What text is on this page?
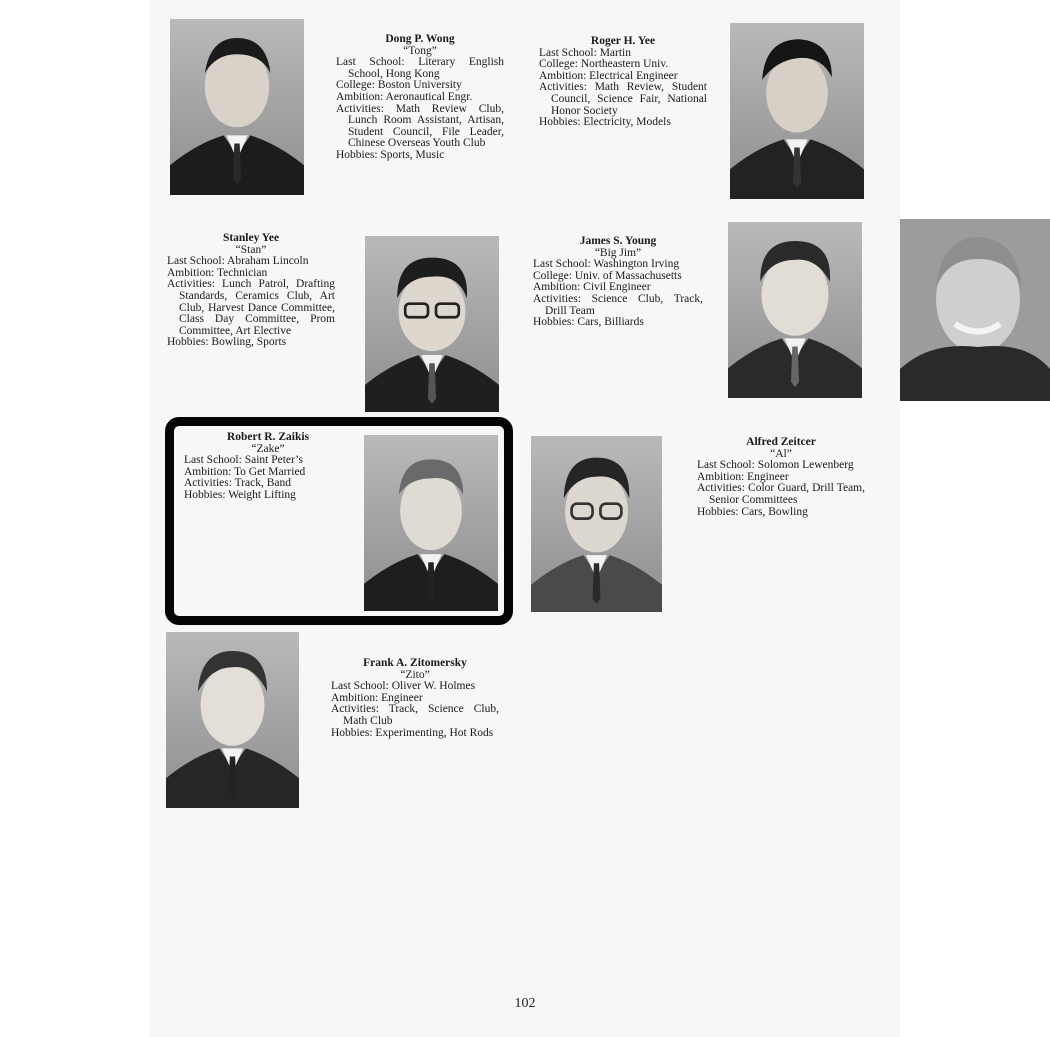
Dong P. Wong
“Tong”
Last School: Literary English School, Hong Kong
College: Boston University
Ambition: Aeronautical Engr.
Activities: Math Review Club, Lunch Room Assistant, Artisan, Student Council, File Leader, Chinese Overseas Youth Club
Hobbies: Sports, Music
Roger H. Yee
Last School: Martin
College: Northeastern Univ.
Ambition: Electrical Engineer
Activities: Math Review, Student Council, Science Fair, National Honor Society
Hobbies: Electricity, Models
Stanley Yee
“Stan”
Last School: Abraham Lincoln
Ambition: Technician
Activities: Lunch Patrol, Drafting Standards, Ceramics Club, Art Club, Harvest Dance Committee, Class Day Committee, Prom Committee, Art Elective
Hobbies: Bowling, Sports
James S. Young
“Big Jim”
Last School: Washington Irving
College: Univ. of Massachusetts
Ambition: Civil Engineer
Activities: Science Club, Track, Drill Team
Hobbies: Cars, Billiards
Robert R. Zaikis
“Zake”
Last School: Saint Peter’s
Ambition: To Get Married
Activities: Track, Band
Hobbies: Weight Lifting
Alfred Zeitcer
“Al”
Last School: Solomon Lewenberg
Ambition: Engineer
Activities: Color Guard, Drill Team, Senior Committees
Hobbies: Cars, Bowling
Frank A. Zitomersky
“Zito”
Last School: Oliver W. Holmes
Ambition: Engineer
Activities: Track, Science Club, Math Club
Hobbies: Experimenting, Hot Rods
102
